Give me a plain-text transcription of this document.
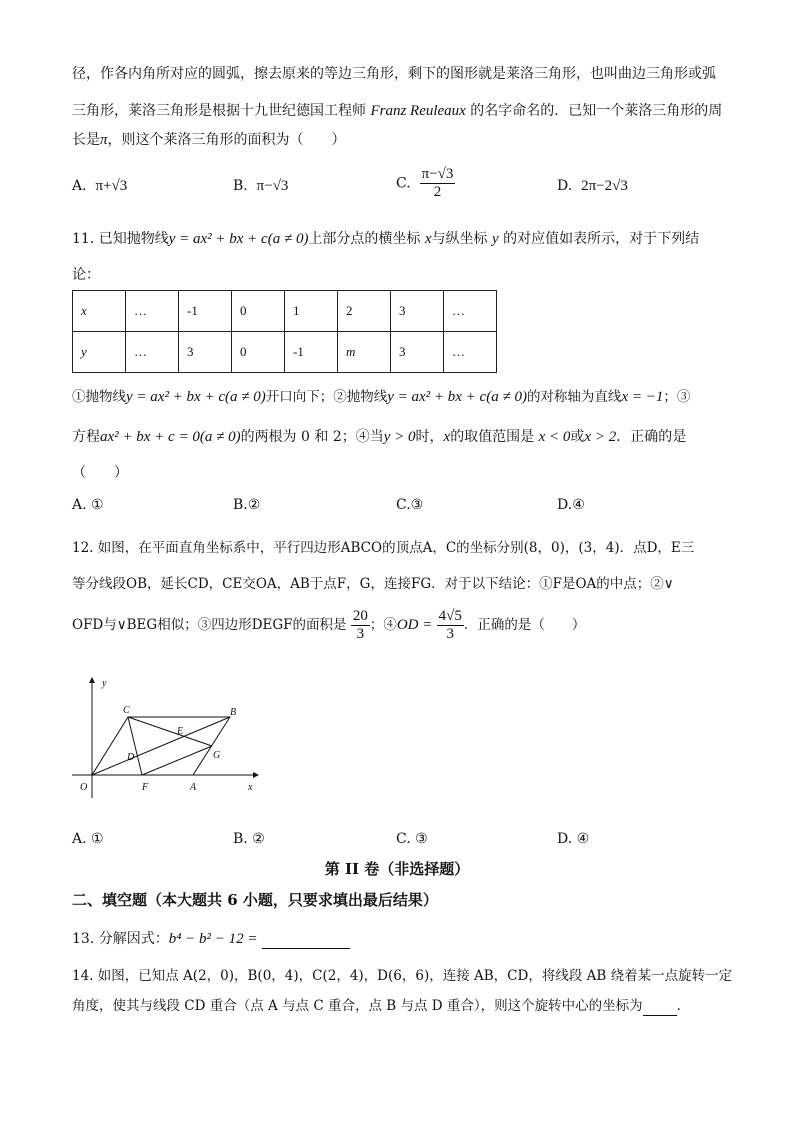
径，作各内角所对应的圆弧，擦去原来的等边三角形，剩下的图形就是莱洛三角形，也叫曲边三角形或弧
三角形，莱洛三角形是根据十九世纪德国工程师 Franz Reuleaux 的名字命名的．已知一个莱洛三角形的周
长是π，则这个莱洛三角形的面积为（　　）
A. π+√3	B. π−√3	C. $\frac{\pi-√3}{2}$	D. 2π−2√3
11. 已知抛物线y = ax² + bx + c(a ≠ 0)上部分点的横坐标 x与纵坐标 y 的对应值如表所示，对于下列结
论：
x	…	-1	0	1	2	3	…
y	…	3	0	-1	m	3	…
①抛物线y = ax² + bx + c(a ≠ 0)开口向下；②抛物线y = ax² + bx + c(a ≠ 0)的对称轴为直线x = −1；③
方程ax² + bx + c = 0(a ≠ 0)的两根为 0 和 2；④当y > 0时，x的取值范围是 x < 0或x > 2．正确的是
（　　）
A. ①	B.②	C.③	D.④
12. 如图，在平面直角坐标系中，平行四边形ABCO的顶点A，C的坐标分别(8，0)，(3，4)．点D，E三
等分线段OB，延长CD，CE交OA，AB于点F，G，连接FG．对于以下结论：①F是OA的中点；②∨
OFD与∨BEG相似；③四边形DEGF的面积是 $\frac{20}{3}$ ；④OD = $\frac{4√5}{3}$ ．正确的是（　　）
y
x
O	A
B
C
D
E
F
G
A. ①	B. ②	C. ③	D. ④
第 II 卷（非选择题）
二、填空题（本大题共 6 小题，只要求填出最后结果）
13. 分解因式：b⁴ − b² − 12 =
14. 如图，已知点 A(2，0)，B(0，4)，C(2，4)，D(6，6)，连接 AB，CD，将线段 AB 绕着某一点旋转一定
角度，使其与线段 CD 重合（点 A 与点 C 重合，点 B 与点 D 重合），则这个旋转中心的坐标为	．
